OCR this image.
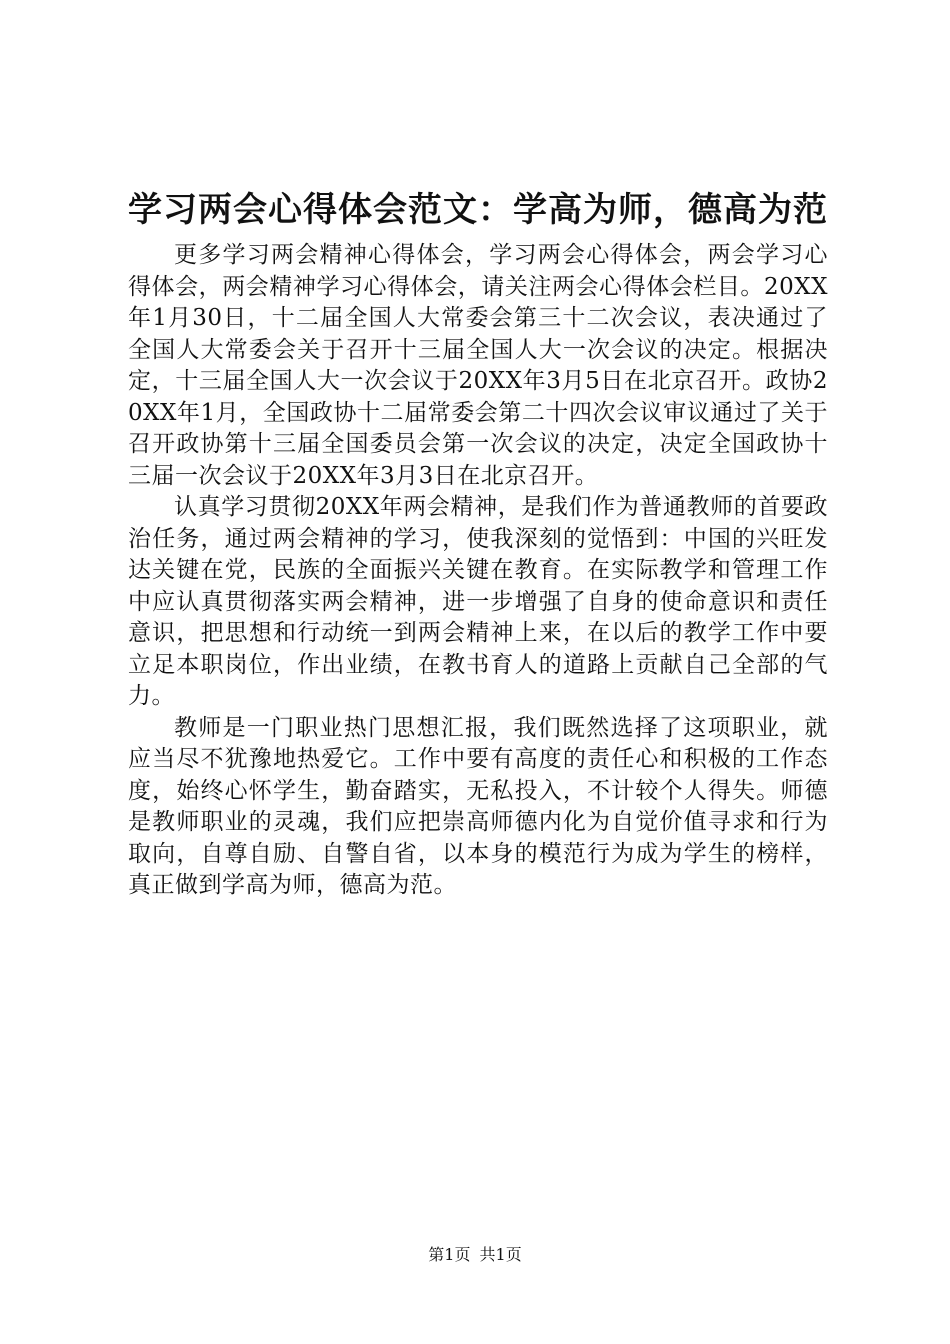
学习两会心得体会范文：学高为师，德高为范

更多学习两会精神心得体会，学习两会心得体会，两会学习心得体会，两会精神学习心得体会，请关注两会心得体会栏目。20XX年1月30日，十二届全国人大常委会第三十二次会议，表决通过了全国人大常委会关于召开十三届全国人大一次会议的决定。根据决定，十三届全国人大一次会议于20XX年3月5日在北京召开。政协20XX年1月，全国政协十二届常委会第二十四次会议审议通过了关于召开政协第十三届全国委员会第一次会议的决定，决定全国政协十三届一次会议于20XX年3月3日在北京召开。

认真学习贯彻20XX年两会精神，是我们作为普通教师的首要政治任务，通过两会精神的学习，使我深刻的觉悟到：中国的兴旺发达关键在党，民族的全面振兴关键在教育。在实际教学和管理工作中应认真贯彻落实两会精神，进一步增强了自身的使命意识和责任意识，把思想和行动统一到两会精神上来，在以后的教学工作中要立足本职岗位，作出业绩，在教书育人的道路上贡献自己全部的气力。

教师是一门职业热门思想汇报，我们既然选择了这项职业，就应当尽不犹豫地热爱它。工作中要有高度的责任心和积极的工作态度，始终心怀学生，勤奋踏实，无私投入，不计较个人得失。师德是教师职业的灵魂，我们应把崇高师德内化为自觉价值寻求和行为取向，自尊自励、自警自省，以本身的模范行为成为学生的榜样，真正做到学高为师，德高为范。

第1页 共1页
